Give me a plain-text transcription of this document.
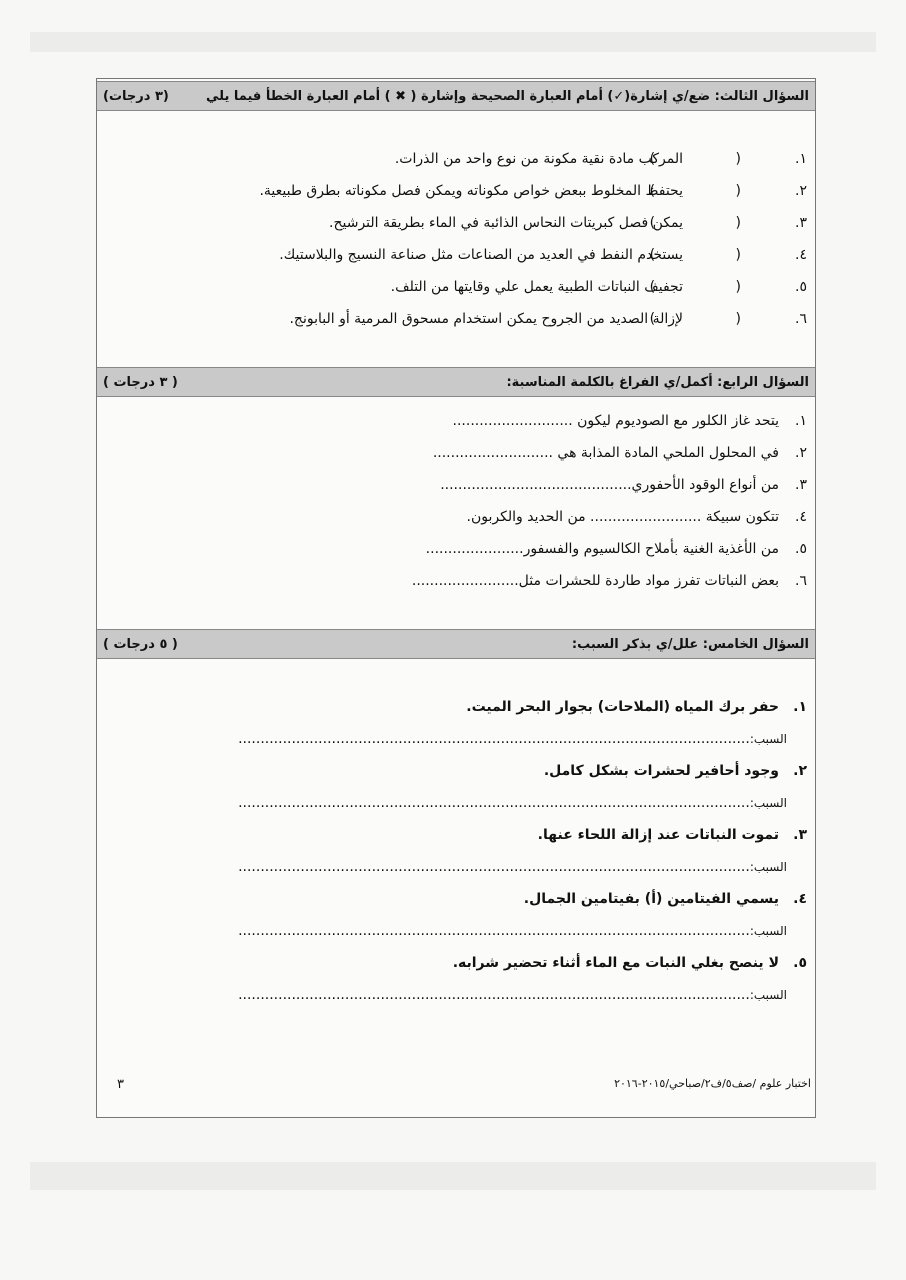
السؤال الثالث: ضع/ي إشارة(✓) أمام العبارة الصحيحة وإشارة ( ✖ ) أمام العبارة الخطأ فيما يلي
(٣ درجات)
١.
( )
المركب مادة نقية مكونة من نوع واحد من الذرات.
٢.
( )
يحتفظ المخلوط ببعض خواص مكوناته ويمكن فصل مكوناته بطرق طبيعية.
٣.
( )
يمكن فصل كبريتات النحاس الذائبة في الماء بطريقة الترشيح.
٤.
( )
يستخدم النفط في العديد من الصناعات مثل صناعة النسيج والبلاستيك.
٥.
( )
تجفيف النباتات الطبية يعمل علي وقايتها من التلف.
٦.
( )
لإزالة الصديد من الجروح يمكن استخدام مسحوق المرمية أو البابونج.
السؤال الرابع: أكمل/ي الفراغ بالكلمة المناسبة:
( ٣ درجات )
١.
يتحد غاز الكلور مع الصوديوم ليكون ...........................
٢.
في المحلول الملحي المادة المذابة هي ...........................
٣.
من أنواع الوقود الأحفوري...........................................
٤.
تتكون سبيكة ......................... من الحديد والكربون.
٥.
من الأغذية الغنية بأملاح الكالسيوم والفسفور......................
٦.
بعض النباتات تفرز مواد طاردة للحشرات مثل........................
السؤال الخامس: علل/ي بذكر السبب:
( ٥ درجات )
١.
حفر برك المياه (الملاحات) بجوار البحر الميت.
السبب:...................................................................................................................
٢.
وجود أحافير لحشرات بشكل كامل.
السبب:...................................................................................................................
٣.
تموت النباتات عند إزالة اللحاء عنها.
السبب:...................................................................................................................
٤.
يسمي الفيتامين (أ) بفيتامين الجمال.
السبب:...................................................................................................................
٥.
لا ينصح بغلي النبات مع الماء أثناء تحضير شرابه.
السبب:...................................................................................................................
اختبار علوم /صف٥/ف٢/صباحي/٢٠١٥-٢٠١٦
٣
